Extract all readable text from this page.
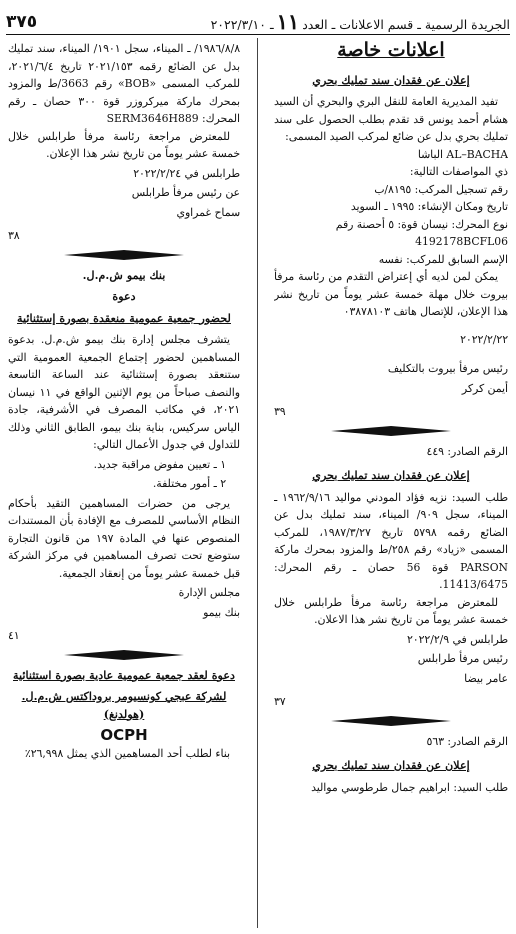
٣٧٥	الجريدة الرسمية ـ قسم الاعلانات ـ العدد
١١
ـ ٢٠٢٢/٣/١٠
اعلانات خاصة
إعلان عن فقدان سند تمليك بحري

تفيد المديرية العامة للنقل البري والبحري أن السيد هشام أحمد يونس قد تقدم بطلب الحصول على سند تمليك بحري بدل عن ضائع لمركب الصيد المسمى:

AL–BACHA الباشا

ذي المواصفات التالية:

رقم تسجيل المركب: ٨١٩٥/ب

تاريخ ومكان الإنشاء: ١٩٩٥ ـ السويد

نوع المحرك: نيسان قوة: ٥ أحصنة رقم

4192178BCFL06

الإسم السابق للمركب: نفسه

يمكن لمن لديه أي إعتراض التقدم من رئاسة مرفأ بيروت خلال مهلة خمسة عشر يوماً من تاريخ نشر هذا الإعلان، للإتصال هاتف ٠٣٨٧٨١٠٣

٢٠٢٢/٢/٢٢

رئيس مرفأ بيروت بالتكليف

أيمن كركر

٣٩

الرقم الصادر: ٤٤٩

إعلان عن فقدان سند تمليك بحري

طلب السيد: نزيه فؤاد المودني مواليد ١٩٦٢/٩/١٦ ـ الميناء، سجل ٩٠٩/ الميناء، سند تمليك بدل عن الضائع رقمه ٥٧٩٨ تاريخ ١٩٨٧/٣/٢٧، للمركب المسمى «زياد» رقم ٢٥٨/ط والمزود بمحرك ماركة PARSON قوة 56 حصان ـ رقم المحرك: 11413/6475.

للمعترض مراجعة رئاسة مرفأ طرابلس خلال خمسة عشر يوماً من تاريخ نشر هذا الاعلان.

طرابلس في ٢٠٢٢/٢/٩

رئيس مرفأ طرابلس

عامر بيضا

٣٧

الرقم الصادر: ٥٦٣

إعلان عن فقدان سند تمليك بحري

طلب السيد: ابراهيم جمال طرطوسي مواليد

١٩٨٦/٨/٨/ ـ الميناء، سجل ١٩٠١/ الميناء، سند تمليك بدل عن الضائع رقمه ٢٠٢١/١٥٣ تاريخ ٢٠٢١/٦/٤، للمركب المسمى «BOB» رقم 3663/ط والمزود بمحرك ماركة ميركروزر قوة ٣٠٠ حصان ـ رقم المحرك: SERM3646H889

للمعترض مراجعة رئاسة مرفأ طرابلس خلال خمسة عشر يوماً من تاريخ نشر هذا الإعلان.

طرابلس في ٢٠٢٢/٢/٢٤

عن رئيس مرفأ طرابلس

سماح غمراوي

٣٨

بنك بيمو ش.م.ل.
دعوة
لحضور جمعية عمومية منعقدة بصورة إستثنائية

يتشرف مجلس إدارة بنك بيمو ش.م.ل. بدعوة المساهمين لحضور إجتماع الجمعية العمومية التي ستنعقد بصورة إستثنائية عند الساعة التاسعة والنصف صباحاً من يوم الإثنين الواقع في ١١ نيسان ٢٠٢١، في مكاتب المصرف في الأشرفية، جادة الياس سركيس، بناية بنك بيمو، الطابق الثاني وذلك للتداول في جدول الأعمال التالي:

١ ـ تعيين مفوض مراقبة جديد.

٢ ـ أمور مختلفة.

يرجى من حضرات المساهمين التقيد بأحكام النظام الأساسي للمصرف مع الإفادة بأن المستندات المنصوص عنها في المادة ١٩٧ من قانون التجارة ستوضع تحت تصرف المساهمين في مركز الشركة قبل خمسة عشر يوماً من إنعقاد الجمعية.

مجلس الإدارة

بنك بيمو

٤١

دعوة لعقد جمعية عمومية عادية بصورة استثنائية
لشركة عبجي كونسيومر بروداكتس ش.م.ل. (هولدنغ)
OCPH

بناء لطلب أحد المساهمين الذي يمثل ٢٦,٩٩٨٪
